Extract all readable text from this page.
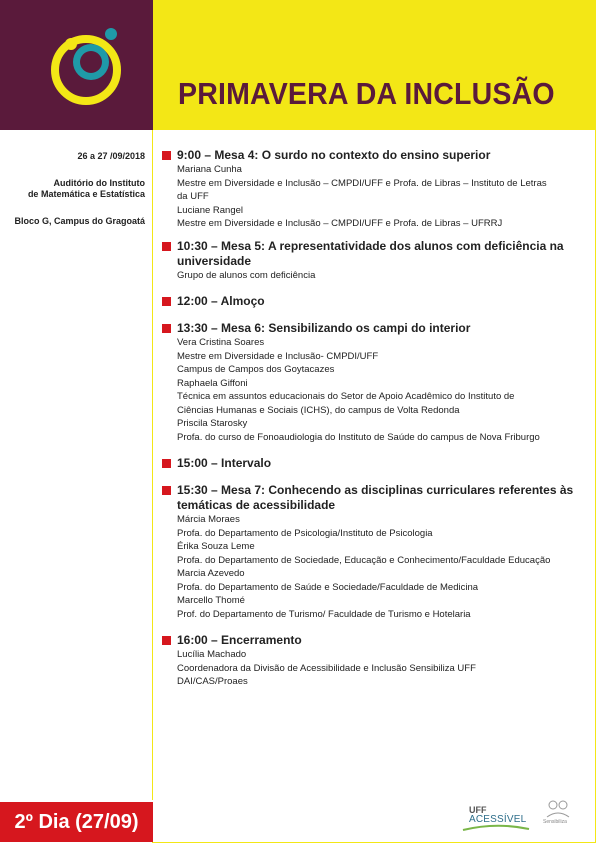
PRIMAVERA DA INCLUSÃO
26 a 27 /09/2018
Auditório do Instituto
de Matemática e Estatística
Bloco G, Campus do Gragoatá
2º Dia (27/09)
9:00 – Mesa 4: O surdo no contexto do ensino superior
Mariana Cunha
Mestre em Diversidade e Inclusão – CMPDI/UFF e Profa. de Libras – Instituto de Letras
da UFF
Luciane Rangel
Mestre em Diversidade e Inclusão – CMPDI/UFF e Profa. de Libras – UFRRJ
10:30 – Mesa 5: A representatividade dos alunos com deficiência na
universidade
Grupo de alunos com deficiência
12:00 – Almoço
13:30 – Mesa 6: Sensibilizando os campi do interior
Vera Cristina Soares
Mestre em Diversidade e Inclusão- CMPDI/UFF
Campus de Campos dos Goytacazes
Raphaela Giffoni
Técnica em assuntos educacionais do Setor de Apoio Acadêmico do Instituto de
Ciências Humanas e Sociais (ICHS), do campus de Volta Redonda
Priscila Starosky
Profa. do curso de Fonoaudiologia do Instituto de Saúde do campus de Nova Friburgo
15:00 – Intervalo
15:30 – Mesa 7: Conhecendo as disciplinas curriculares referentes às
temáticas de acessibilidade
Márcia Moraes
Profa. do Departamento de Psicologia/Instituto de Psicologia
Érika Souza Leme
Profa. do Departamento de Sociedade, Educação e Conhecimento/Faculdade Educação
Marcia Azevedo
Profa. do Departamento de Saúde e Sociedade/Faculdade de Medicina
Marcello Thomé
Prof. do Departamento de Turismo/ Faculdade de Turismo e Hotelaria
16:00 – Encerramento
Lucília Machado
Coordenadora da Divisão de Acessibilidade e Inclusão Sensibiliza UFF
DAI/CAS/Proaes
UFF
ACESSÍVEL	Sensibiliza
